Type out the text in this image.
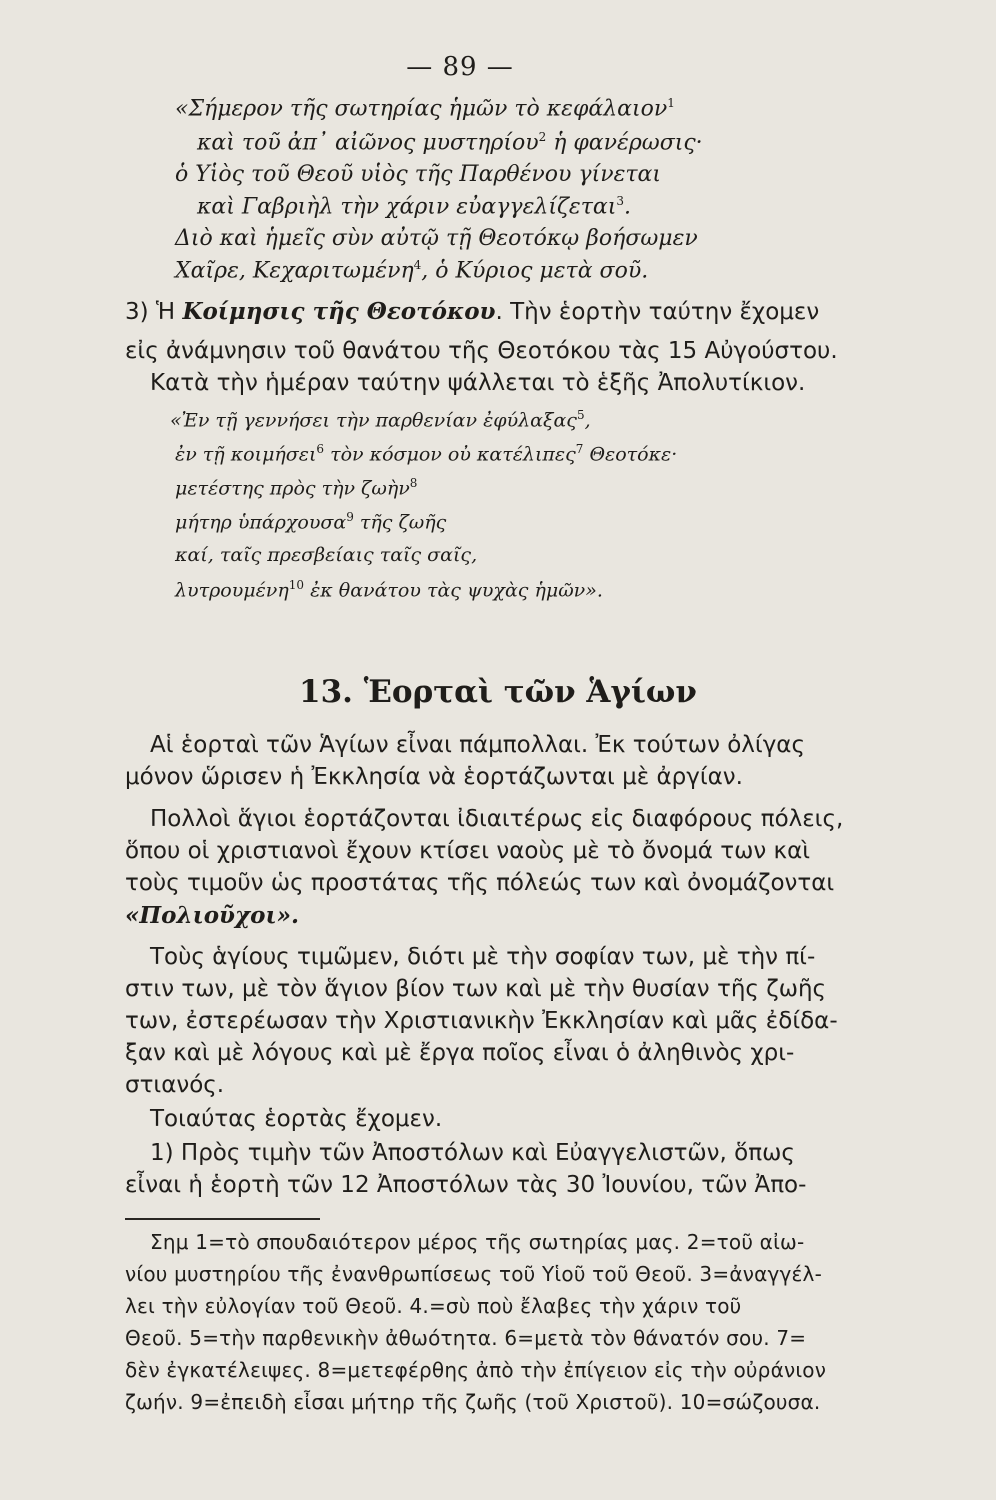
— 89 —
«Σήμερον τῆς σωτηρίας ἡμῶν τὸ κεφάλαιον$^1$
καὶ τοῦ ἀπ᾽ αἰῶνος μυστηρίου$^2$ ἡ φανέρωσις·
ὁ Υἱὸς τοῦ Θεοῦ υἱὸς τῆς Παρθένου γίνεται
καὶ Γαβριὴλ τὴν χάριν εὐαγγελίζεται$^3$.
Διὸ καὶ ἡμεῖς σὺν αὐτῷ τῇ Θεοτόκῳ βοήσωμεν
Χαῖρε, Κεχαριτωμένη$^4$, ὁ Κύριος μετὰ σοῦ.
3) Ἡ Κοίμησις τῆς Θεοτόκου. Τὴν ἑορτὴν ταύτην ἔχομεν
εἰς ἀνάμνησιν τοῦ θανάτου τῆς Θεοτόκου τὰς 15 Αὐγούστου.
Κατὰ τὴν ἡμέραν ταύτην ψάλλεται τὸ ἑξῆς Ἀπολυτίκιον.
«Ἐν τῇ γεννήσει τὴν παρθενίαν ἐφύλαξας$^5$,
ἐν τῇ κοιμήσει$^6$ τὸν κόσμον οὐ κατέλιπες$^7$ Θεοτόκε·
μετέστης πρὸς τὴν ζωὴν$^8$
μήτηρ ὑπάρχουσα$^9$ τῆς ζωῆς
καί, ταῖς πρεσβείαις ταῖς σαῖς,
λυτρουμένη$^{10}$ ἐκ θανάτου τὰς ψυχὰς ἡμῶν».
13. Ἑορταὶ τῶν Ἁγίων
Αἱ ἑορταὶ τῶν Ἁγίων εἶναι πάμπολλαι. Ἐκ τούτων ὀλίγας
μόνον ὥρισεν ἡ Ἐκκλησία νὰ ἑορτάζωνται μὲ ἀργίαν.
Πολλοὶ ἅγιοι ἑορτάζονται ἰδιαιτέρως εἰς διαφόρους πόλεις,
ὅπου οἱ χριστιανοὶ ἔχουν κτίσει ναοὺς μὲ τὸ ὄνομά των καὶ
τοὺς τιμοῦν ὡς προστάτας τῆς πόλεώς των καὶ ὀνομάζονται
«Πολιοῦχοι».
Τοὺς ἁγίους τιμῶμεν, διότι μὲ τὴν σοφίαν των, μὲ τὴν πί-
στιν των, μὲ τὸν ἅγιον βίον των καὶ μὲ τὴν θυσίαν τῆς ζωῆς
των, ἐστερέωσαν τὴν Χριστιανικὴν Ἐκκλησίαν καὶ μᾶς ἐδίδα-
ξαν καὶ μὲ λόγους καὶ μὲ ἔργα ποῖος εἶναι ὁ ἀληθινὸς χρι-
στιανός.
Τοιαύτας ἑορτὰς ἔχομεν.
1) Πρὸς τιμὴν τῶν Ἀποστόλων καὶ Εὐαγγελιστῶν, ὅπως
εἶναι ἡ ἑορτὴ τῶν 12 Ἀποστόλων τὰς 30 Ἰουνίου, τῶν Ἀπο-
Σημ 1=τὸ σπουδαιότερον μέρος τῆς σωτηρίας μας. 2=τοῦ αἰω-
νίου μυστηρίου τῆς ἐνανθρωπίσεως τοῦ Υἱοῦ τοῦ Θεοῦ. 3=ἀναγγέλ-
λει τὴν εὐλογίαν τοῦ Θεοῦ. 4.=σὺ ποὺ ἔλαβες τὴν χάριν τοῦ
Θεοῦ. 5=τὴν παρθενικὴν ἀθωότητα. 6=μετὰ τὸν θάνατόν σου. 7=
δὲν ἐγκατέλειψες. 8=μετεφέρθης ἀπὸ τὴν ἐπίγειον εἰς τὴν οὐράνιον
ζωήν. 9=ἐπειδὴ εἶσαι μήτηρ τῆς ζωῆς (τοῦ Χριστοῦ). 10=σώζουσα.
